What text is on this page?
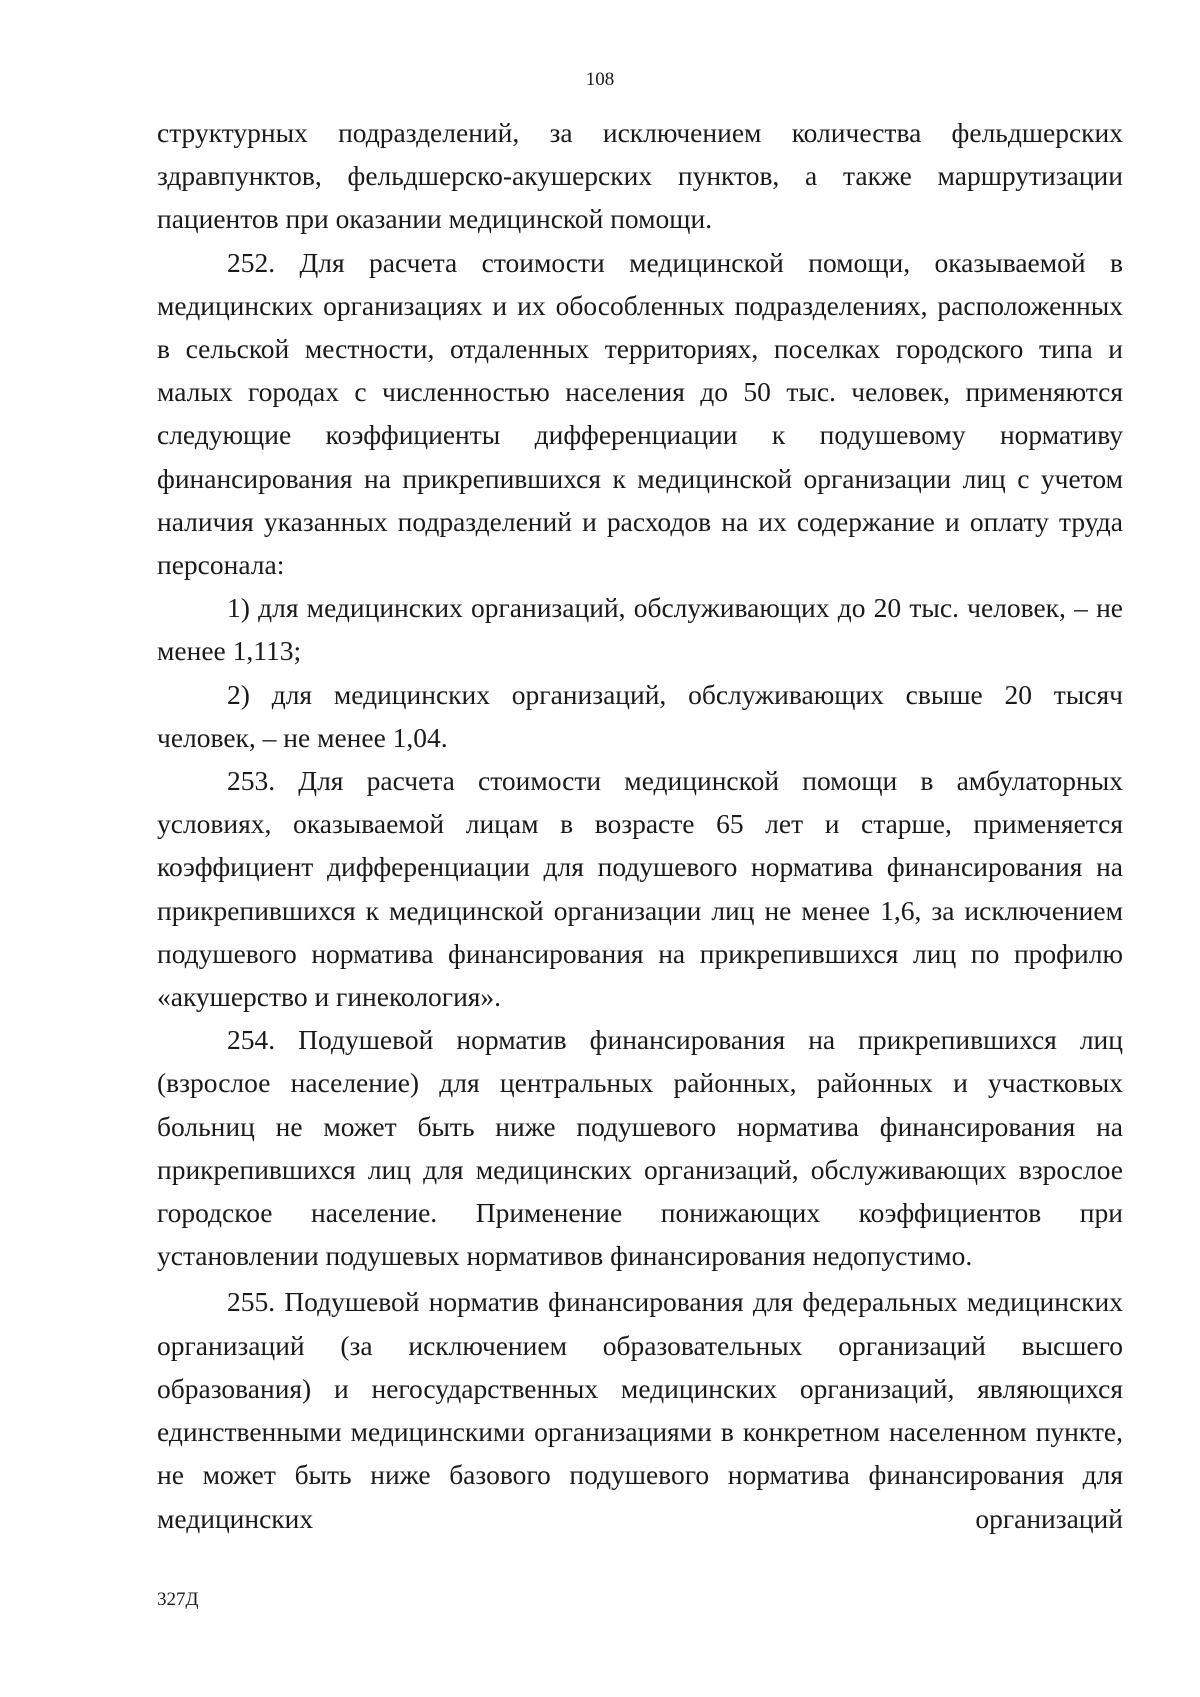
108

структурных подразделений, за исключением количества фельдшерских здравпунктов, фельдшерско-акушерских пунктов, а также маршрутизации пациентов при оказании медицинской помощи.

252. Для расчета стоимости медицинской помощи, оказываемой в медицинских организациях и их обособленных подразделениях, расположенных в сельской местности, отдаленных территориях, поселках городского типа и малых городах с численностью населения до 50 тыс. человек, применяются следующие коэффициенты дифференциации к подушевому нормативу финансирования на прикрепившихся к медицинской организации лиц с учетом наличия указанных подразделений и расходов на их содержание и оплату труда персонала:

1) для медицинских организаций, обслуживающих до 20 тыс. человек, – не менее 1,113;

2) для медицинских организаций, обслуживающих свыше 20 тысяч человек, – не менее 1,04.

253. Для расчета стоимости медицинской помощи в амбулаторных условиях, оказываемой лицам в возрасте 65 лет и старше, применяется коэффициент дифференциации для подушевого норматива финансирования на прикрепившихся к медицинской организации лиц не менее 1,6, за исключением подушевого норматива финансирования на прикрепившихся лиц по профилю «акушерство и гинекология».

254. Подушевой норматив финансирования на прикрепившихся лиц (взрослое население) для центральных районных, районных и участковых больниц не может быть ниже подушевого норматива финансирования на прикрепившихся лиц для медицинских организаций, обслуживающих взрослое городское население. Применение понижающих коэффициентов при установлении подушевых нормативов финансирования недопустимо.

255. Подушевой норматив финансирования для федеральных медицинских организаций (за исключением образовательных организаций высшего образования) и негосударственных медицинских организаций, являющихся единственными медицинскими организациями в конкретном населенном пункте, не может быть ниже базового подушевого норматива финансирования для медицинских организаций

327Д
